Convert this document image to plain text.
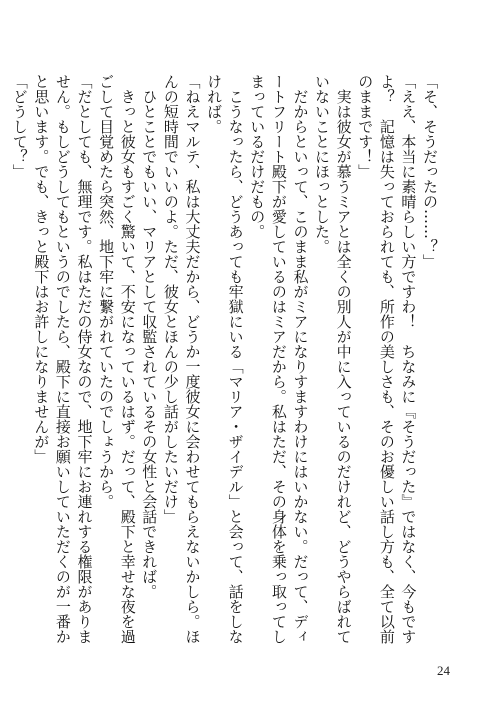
「そ、そうだったの……？」

「ええ、本当に素晴らしい方ですわ！　ちなみに『そうだった』ではなく、今もですよ？　記憶は失っておられても、所作の美しさも、そのお優しい話し方も、全て以前のままです！」

実は彼女が慕うミアとは全くの別人が中に入っているのだけれど、どうやらばれていないことにほっとした。

だからといって、このまま私がミアになりすますわけにはいかない。だって、ディートフリート殿下が愛しているのはミアだから。私はただ、その身体を乗っ取ってしまっているだけだもの。

こうなったら、どうあっても牢獄にいる「マリア・ザイデル」と会って、話をしなければ。

「ねえマルテ、私は大丈夫だから、どうか一度彼女に会わせてもらえないかしら。ほんの短時間でいいのよ。ただ、彼女とほんの少し話がしたいだけ」

ひとことでもいい、マリアとして収監されているその女性と会話できれば。

きっと彼女もすごく驚いて、不安になっているはず。だって、殿下と幸せな夜を過ごして目覚めたら突然、地下牢に繋がれていたのでしょうから。

「だとしても、無理です。私はただの侍女なので、地下牢にお連れする権限がありません。もしどうしてもというのでしたら、殿下に直接お願いしていただくのが一番かと思います。でも、きっと殿下はお許しになりませんが」

「どうして？」

24
